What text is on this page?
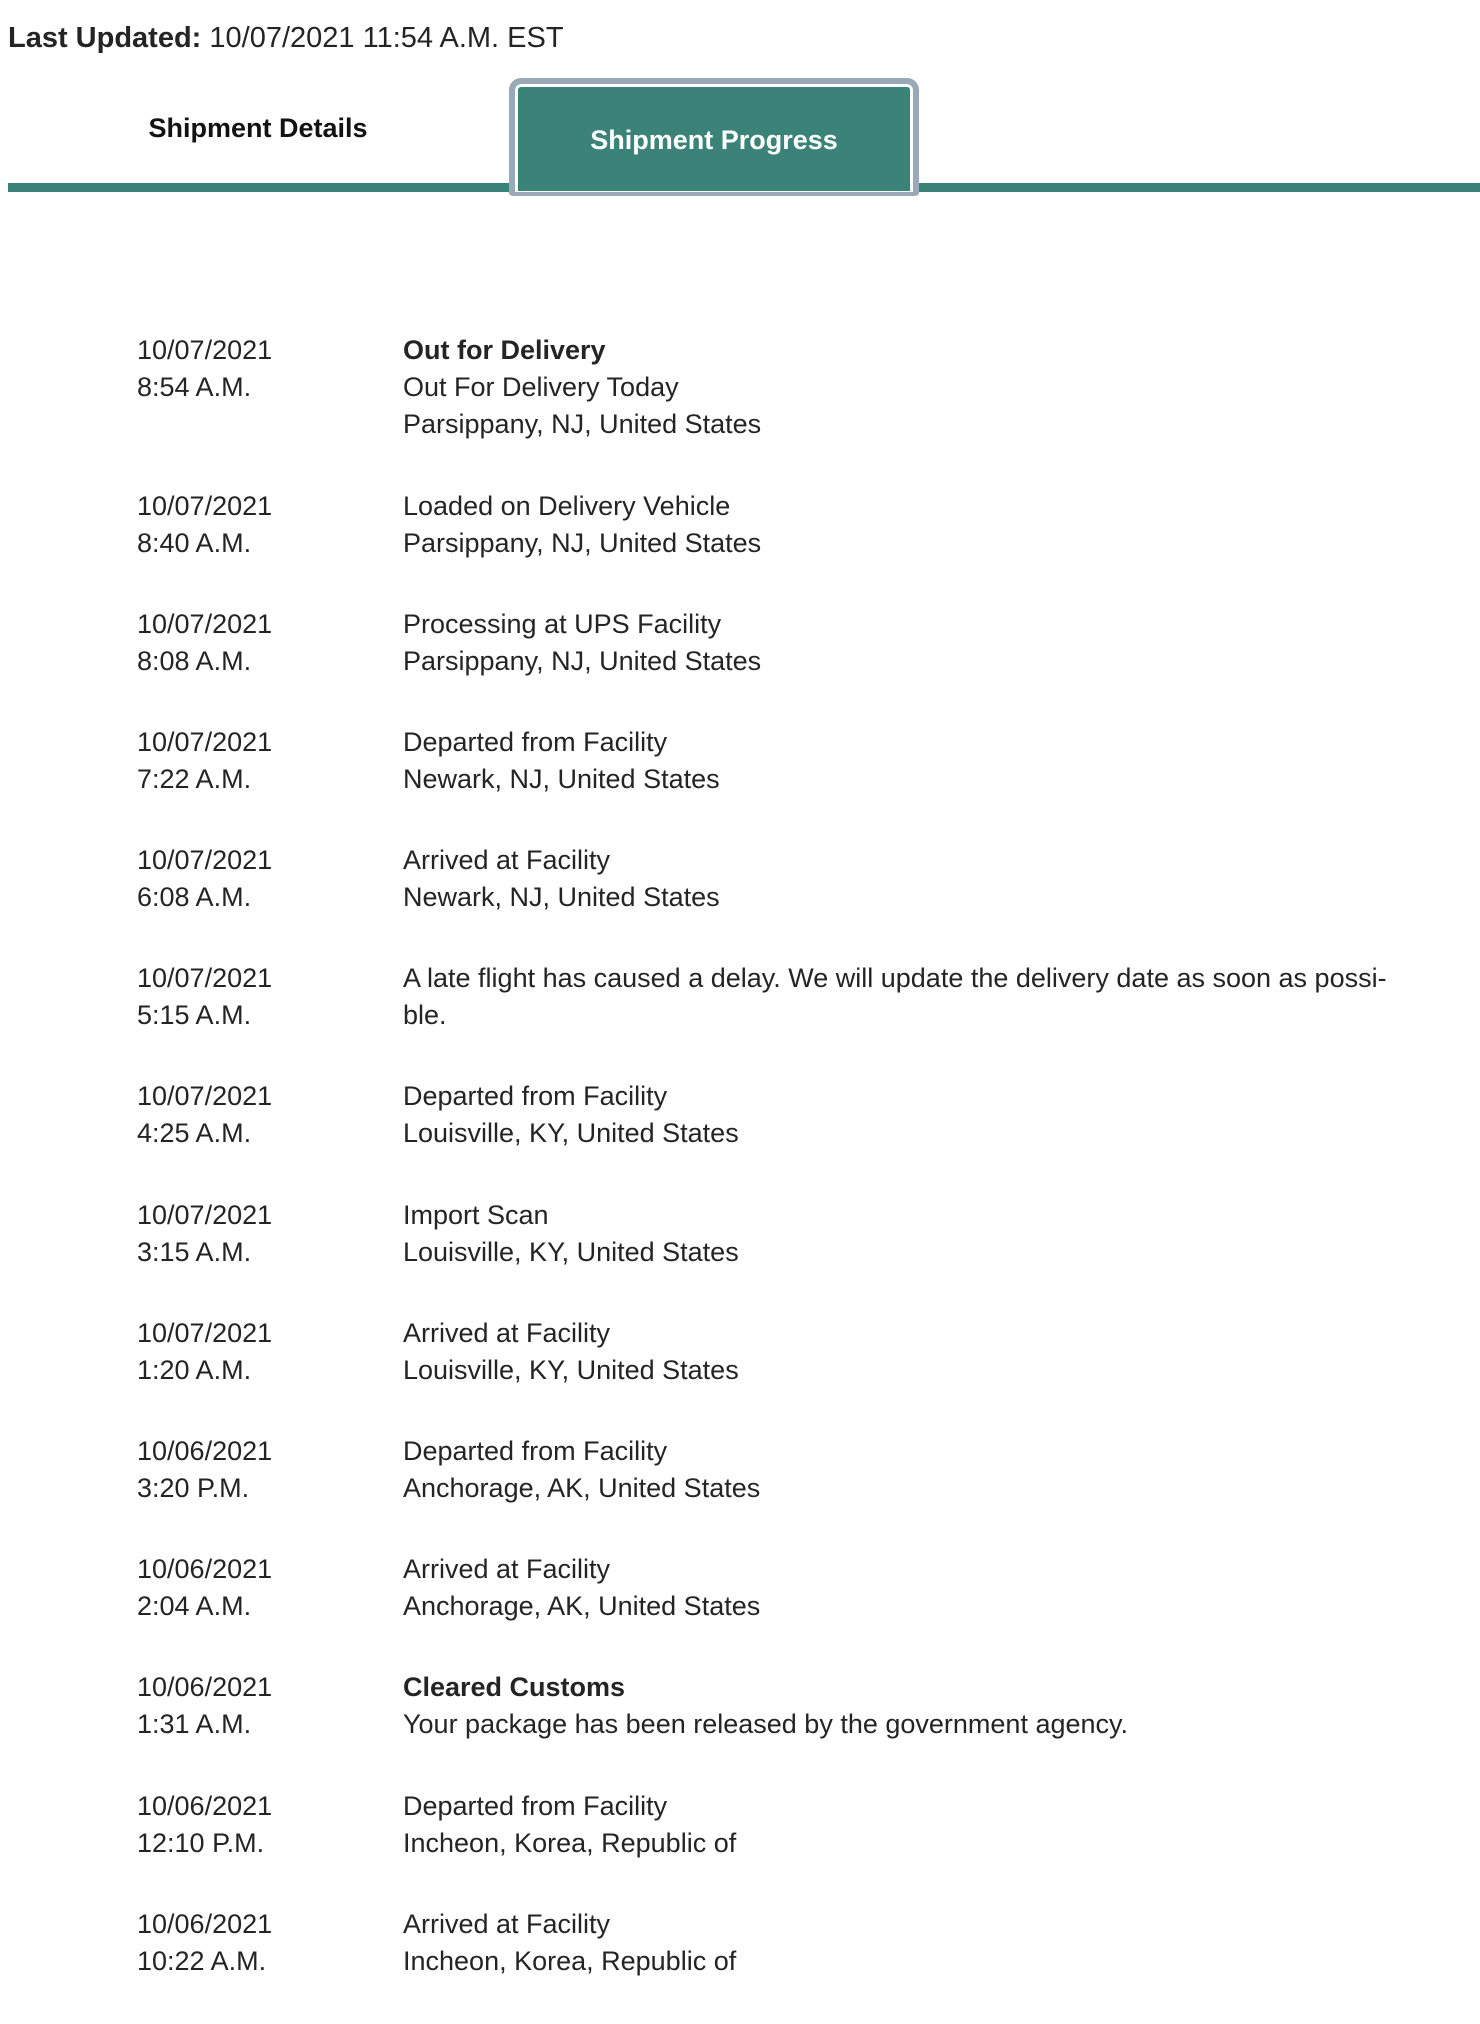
Last Updated: 10/07/2021 11:54 A.M. EST
Shipment Details	Shipment Progress
10/07/2021
8:54 A.M.
Out for Delivery
Out For Delivery Today
Parsippany, NJ, United States
10/07/2021
8:40 A.M.
Loaded on Delivery Vehicle
Parsippany, NJ, United States
10/07/2021
8:08 A.M.
Processing at UPS Facility
Parsippany, NJ, United States
10/07/2021
7:22 A.M.
Departed from Facility
Newark, NJ, United States
10/07/2021
6:08 A.M.
Arrived at Facility
Newark, NJ, United States
10/07/2021
5:15 A.M.
A late flight has caused a delay. We will update the delivery date as soon as possi-
ble.
10/07/2021
4:25 A.M.
Departed from Facility
Louisville, KY, United States
10/07/2021
3:15 A.M.
Import Scan
Louisville, KY, United States
10/07/2021
1:20 A.M.
Arrived at Facility
Louisville, KY, United States
10/06/2021
3:20 P.M.
Departed from Facility
Anchorage, AK, United States
10/06/2021
2:04 A.M.
Arrived at Facility
Anchorage, AK, United States
10/06/2021
1:31 A.M.
Cleared Customs
Your package has been released by the government agency.
10/06/2021
12:10 P.M.
Departed from Facility
Incheon, Korea, Republic of
10/06/2021
10:22 A.M.
Arrived at Facility
Incheon, Korea, Republic of
